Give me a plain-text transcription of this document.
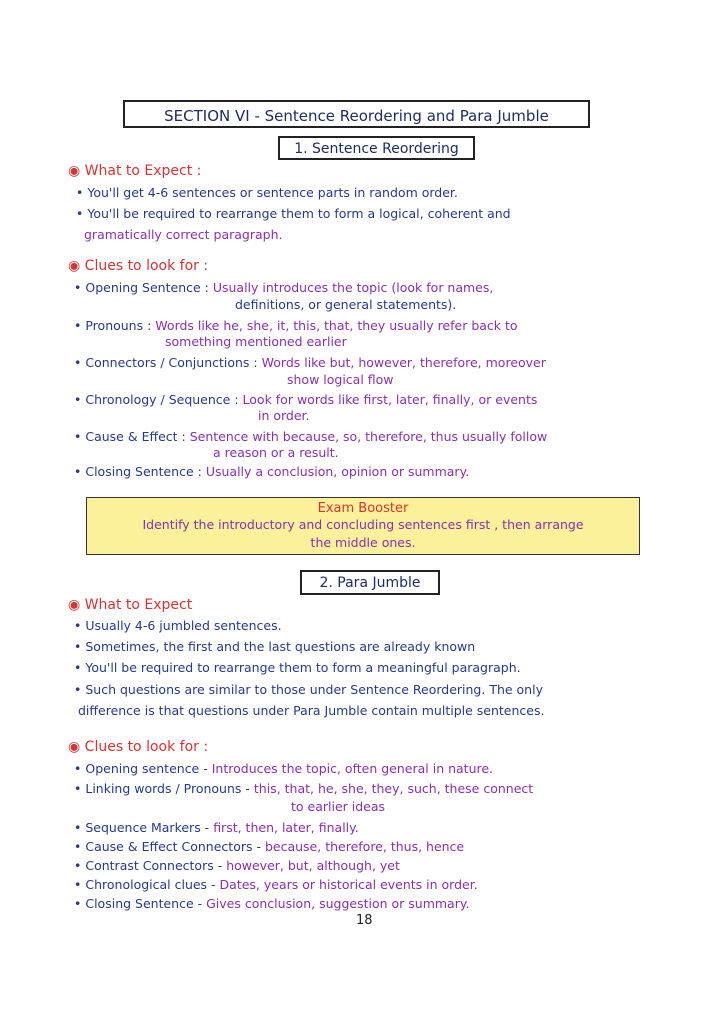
SECTION VI - Sentence Reordering and Para Jumble
1. Sentence Reordering
◉ What to Expect :
• You'll get 4-6 sentences or sentence parts in random order.
• You'll be required to rearrange them to form a logical, coherent and
gramatically correct paragraph.
◉ Clues to look for :
• Opening Sentence : Usually introduces the topic (look for names,
definitions, or general statements).
• Pronouns : Words like he, she, it, this, that, they usually refer back to
something mentioned earlier
• Connectors / Conjunctions : Words like but, however, therefore, moreover
show logical flow
• Chronology / Sequence : Look for words like first, later, finally, or events
in order.
• Cause & Effect : Sentence with because, so, therefore, thus usually follow
a reason or a result.
• Closing Sentence : Usually a conclusion, opinion or summary.
Exam Booster
Identify the introductory and concluding sentences first , then arrange
the middle ones.
2. Para Jumble
◉ What to Expect
• Usually 4-6 jumbled sentences.
• Sometimes, the first and the last questions are already known
• You'll be required to rearrange them to form a meaningful paragraph.
• Such questions are similar to those under Sentence Reordering. The only
difference is that questions under Para Jumble contain multiple sentences.
◉ Clues to look for :
• Opening sentence - Introduces the topic, often general in nature.
• Linking words / Pronouns - this, that, he, she, they, such, these connect
to earlier ideas
• Sequence Markers - first, then, later, finally.
• Cause & Effect Connectors - because, therefore, thus, hence
• Contrast Connectors - however, but, although, yet
• Chronological clues - Dates, years or historical events in order.
• Closing Sentence - Gives conclusion, suggestion or summary.
18
